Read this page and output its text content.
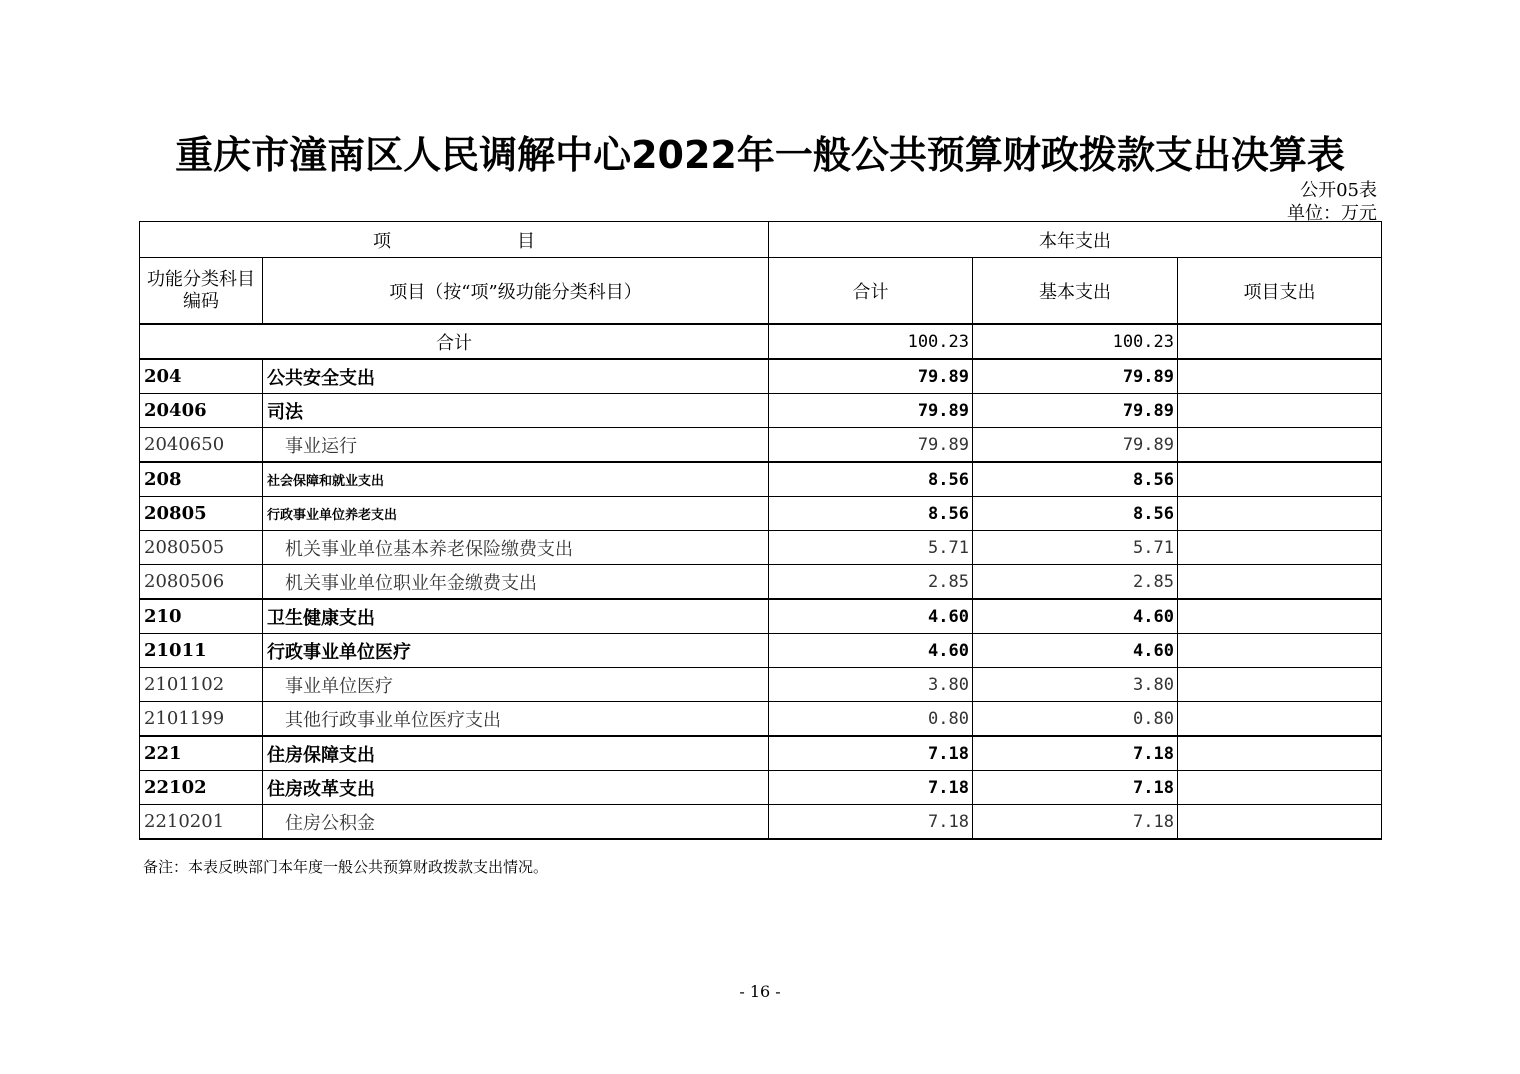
重庆市潼南区人民调解中心2022年一般公共预算财政拨款支出决算表
公开05表
单位：万元
项　　　　　　　目		本年支出		
功能分类科目编码	项目（按“项”级功能分类科目）	合计	基本支出	项目支出
合计		100.23	100.23	
204	公共安全支出	79.89	79.89	
20406	司法	79.89	79.89	
2040650	事业运行	79.89	79.89	
208	社会保障和就业支出	8.56	8.56	
20805	行政事业单位养老支出	8.56	8.56	
2080505	机关事业单位基本养老保险缴费支出	5.71	5.71	
2080506	机关事业单位职业年金缴费支出	2.85	2.85	
210	卫生健康支出	4.60	4.60	
21011	行政事业单位医疗	4.60	4.60	
2101102	事业单位医疗	3.80	3.80	
2101199	其他行政事业单位医疗支出	0.80	0.80	
221	住房保障支出	7.18	7.18	
22102	住房改革支出	7.18	7.18	
2210201	住房公积金	7.18	7.18	
备注：本表反映部门本年度一般公共预算财政拨款支出情况。
- 16 -
